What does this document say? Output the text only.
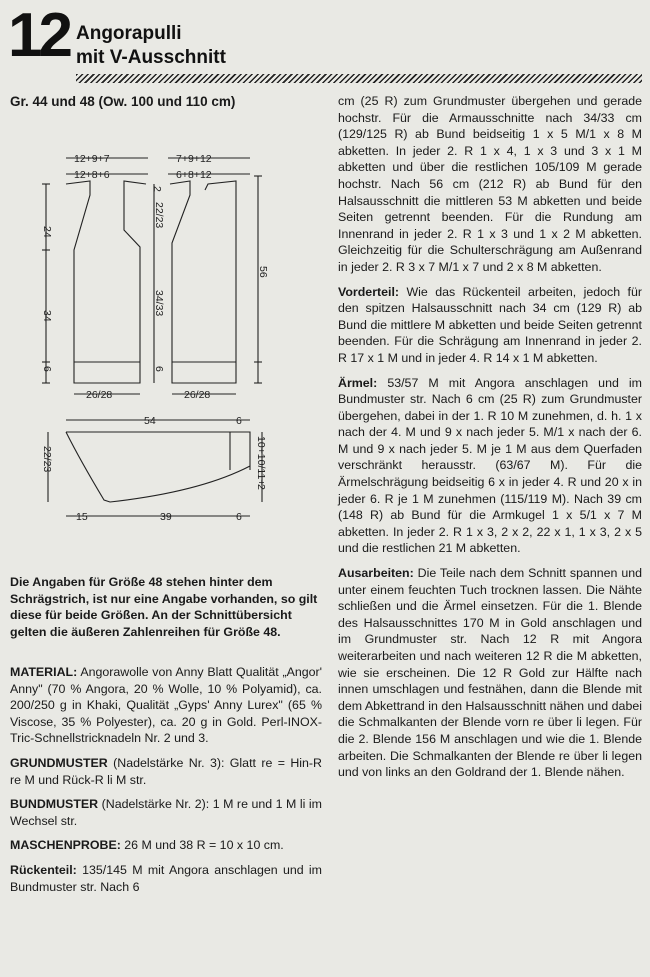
12 Angorapulli
mit V-Ausschnitt
Gr. 44 und 48 (Ow. 100 und 110 cm)
12+9+7
12+8+6
7+9+12
6+8+12
24
34
6
2
22/23
34/33
6
56
26/28	26/28
54	6
22/23	10+10/11+
2
15	39	6
Die Angaben für Größe 48 stehen hinter dem Schrägstrich, ist nur eine Angabe vorhanden, so gilt diese für beide Größen. An der Schnittübersicht gelten die äußeren Zahlenreihen für Größe 48.

MATERIAL: Angorawolle von Anny Blatt Qualität „Angor' Anny" (70 % Angora, 20 % Wolle, 10 % Polyamid), ca. 200/250 g in Khaki, Qualität „Gyps' Anny Lurex" (65 % Viscose, 35 % Polyester), ca. 20 g in Gold. Perl-INOX-Tric-Schnellstricknadeln Nr. 2 und 3.

GRUNDMUSTER (Nadelstärke Nr. 3): Glatt re = Hin-R re M und Rück-R li M str.

BUNDMUSTER (Nadelstärke Nr. 2): 1 M re und 1 M li im Wechsel str.

MASCHENPROBE: 26 M und 38 R = 10 x 10 cm.

Rückenteil: 135/145 M mit Angora anschlagen und im Bundmuster str. Nach 6

cm (25 R) zum Grundmuster übergehen und gerade hochstr. Für die Armausschnitte nach 34/33 cm (129/125 R) ab Bund beidseitig 1 x 5 M/1 x 8 M abketten. In jeder 2. R 1 x 4, 1 x 3 und 3 x 1 M abketten und über die restlichen 105/109 M gerade hochstr. Nach 56 cm (212 R) ab Bund für den Halsausschnitt die mittleren 53 M abketten und beide Seiten getrennt beenden. Für die Rundung am Innenrand in jeder 2. R 1 x 3 und 1 x 2 M abketten. Gleichzeitig für die Schulterschrägung am Außenrand in jeder 2. R 3 x 7 M/1 x 7 und 2 x 8 M abketten.

Vorderteil: Wie das Rückenteil arbeiten, jedoch für den spitzen Halsausschnitt nach 34 cm (129 R) ab Bund die mittlere M abketten und beide Seiten getrennt beenden. Für die Schrägung am Innenrand in jeder 2. R 17 x 1 M und in jeder 4. R 14 x 1 M abketten.

Ärmel: 53/57 M mit Angora anschlagen und im Bundmuster str. Nach 6 cm (25 R) zum Grundmuster übergehen, dabei in der 1. R 10 M zunehmen, d. h. 1 x nach der 4. M und 9 x nach jeder 5. M/1 x nach der 6. M und 9 x nach jeder 5. M je 1 M aus dem Querfaden verschränkt herausstr. (63/67 M). Für die Ärmelschrägung beidseitig 6 x in jeder 4. R und 20 x in jeder 6. R je 1 M zunehmen (115/119 M). Nach 39 cm (148 R) ab Bund für die Armkugel 1 x 5/1 x 7 M abketten. In jeder 2. R 1 x 3, 2 x 2, 22 x 1, 1 x 3, 2 x 5 und die restlichen 21 M abketten.

Ausarbeiten: Die Teile nach dem Schnitt spannen und unter einem feuchten Tuch trocknen lassen. Die Nähte schließen und die Ärmel einsetzen. Für die 1. Blende des Halsausschnittes 170 M in Gold anschlagen und im Grundmuster str. Nach 12 R mit Angora weiterarbeiten und nach weiteren 12 R die M abketten, wie sie erscheinen. Die 12 R Gold zur Hälfte nach innen umschlagen und festnähen, dann die Blende mit dem Abkettrand in den Halsausschnitt nähen und dabei die Schmalkanten der Blende vorn re über li legen. Für die 2. Blende 156 M anschlagen und wie die 1. Blende arbeiten. Die Schmalkanten der Blende re über li legen und von links an den Goldrand der 1. Blende nähen.
